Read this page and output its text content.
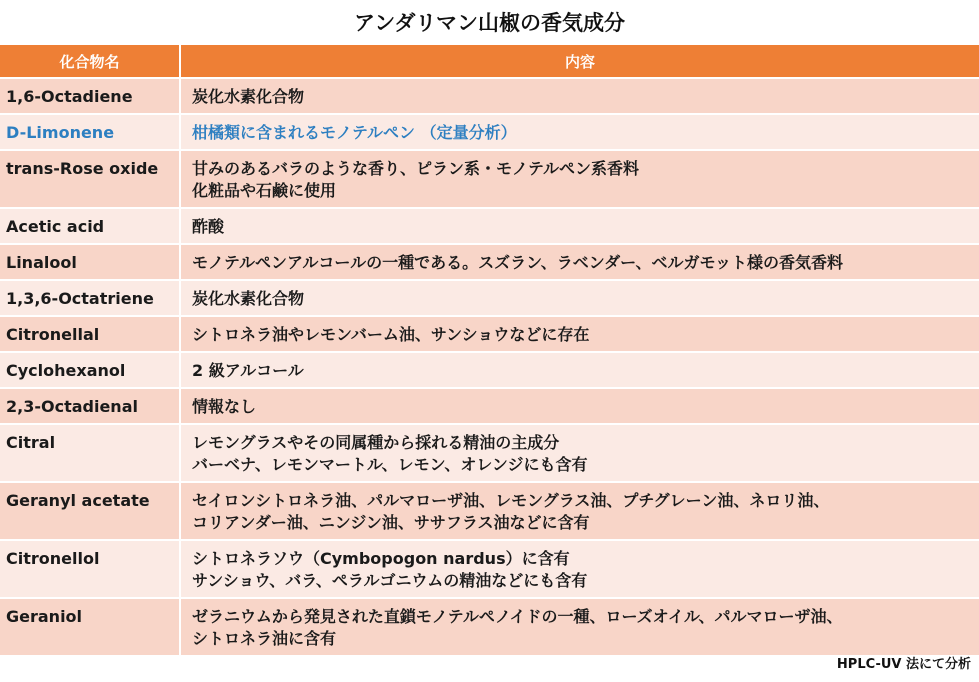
アンダリマン山椒の香気成分
化合物名	内容
1,6-Octadiene	炭化水素化合物

D-Limonene	柑橘類に含まれるモノテルペン （定量分析）

trans-Rose oxide	甘みのあるバラのような香り、ピラン系・モノテルペン系香料
化粧品や石鹸に使用

Acetic acid	酢酸

Linalool	モノテルペンアルコールの一種である。スズラン、ラベンダー、ベルガモット様の香気香料

1,3,6-Octatriene	炭化水素化合物

Citronellal	シトロネラ油やレモンバーム油、サンショウなどに存在

Cyclohexanol	2 級アルコール

2,3-Octadienal	情報なし

Citral	レモングラスやその同属種から採れる精油の主成分
バーベナ、レモンマートル、レモン、オレンジにも含有

Geranyl acetate	セイロンシトロネラ油、パルマローザ油、レモングラス油、プチグレーン油、ネロリ油、
コリアンダー油、ニンジン油、ササフラス油などに含有

Citronellol	シトロネラソウ（Cymbopogon nardus）に含有
サンショウ、バラ、ペラルゴニウムの精油などにも含有

Geraniol	ゼラニウムから発見された直鎖モノテルペノイドの一種、ローズオイル、パルマローザ油、
シトロネラ油に含有
HPLC-UV 法にて分析
